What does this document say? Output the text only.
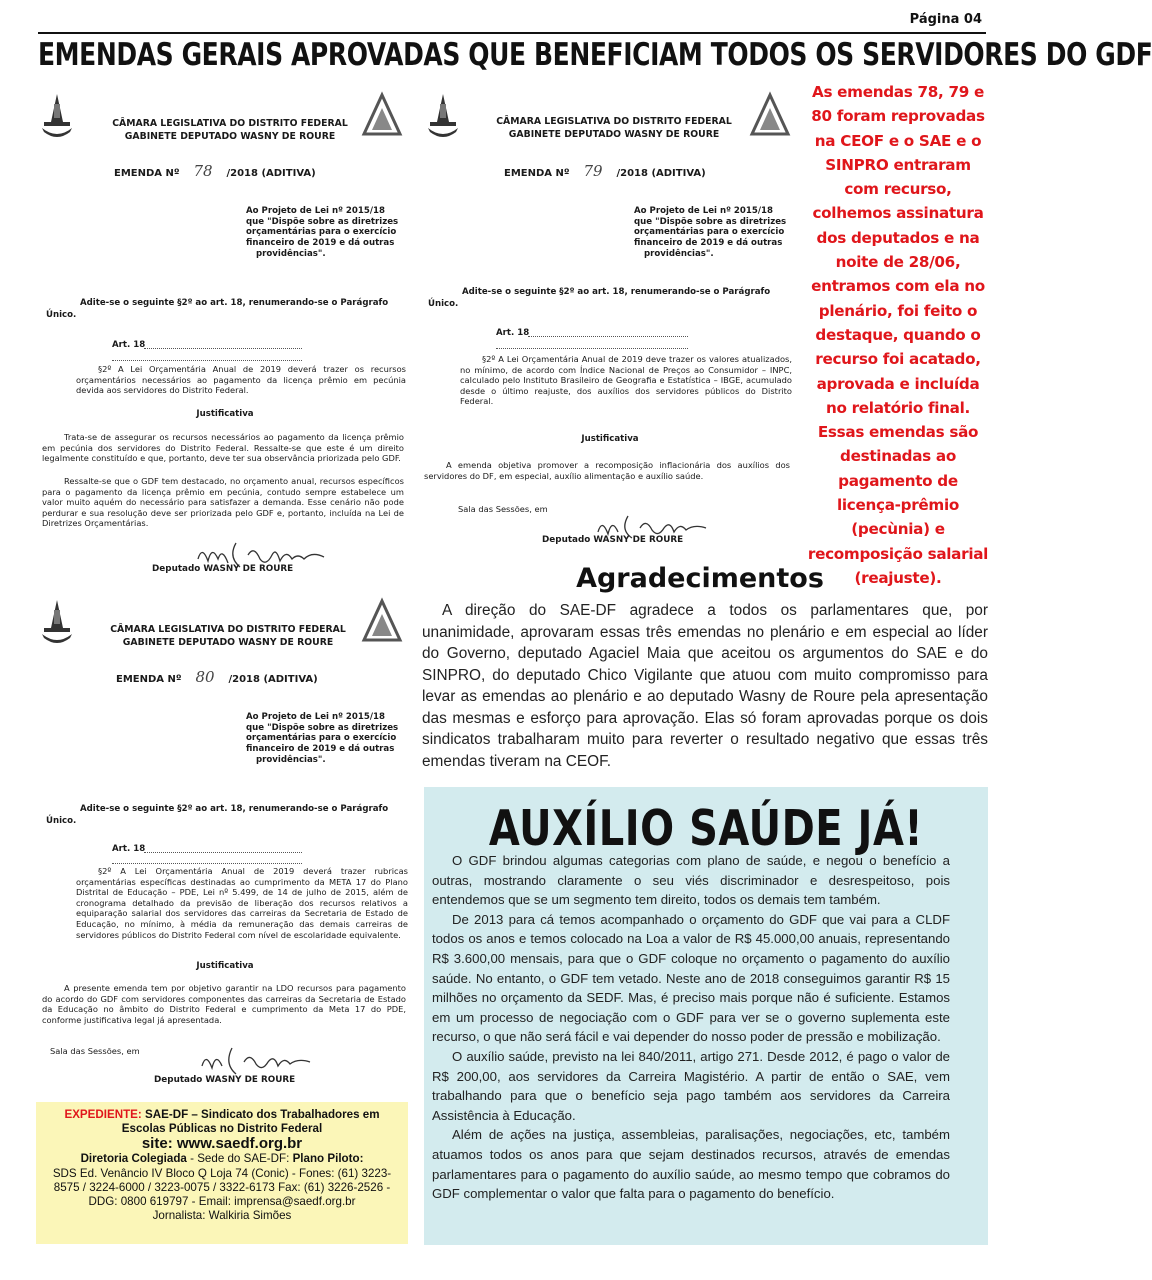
Página 04
EMENDAS GERAIS APROVADAS QUE BENEFICIAM TODOS OS SERVIDORES DO GDF
CÂMARA LEGISLATIVA DO DISTRITO FEDERAL
GABINETE DEPUTADO WASNY DE ROURE
EMENDA Nº 78 /2018 (ADITIVA)
Ao Projeto de Lei nº 2015/18
que "Dispõe sobre as diretrizes
orçamentárias para o exercício
financeiro de 2019 e dá outras
providências".
Adite-se o seguinte §2º ao art. 18, renumerando-se o Parágrafo Único.
Art. 18
§2º A Lei Orçamentária Anual de 2019 deverá trazer os recursos orçamentários necessários ao pagamento da licença prêmio em pecúnia devida aos servidores do Distrito Federal.
Justificativa
Trata-se de assegurar os recursos necessários ao pagamento da licença prêmio em pecúnia dos servidores do Distrito Federal. Ressalte-se que este é um direito legalmente constituído e que, portanto, deve ter sua observância priorizada pelo GDF.
Ressalte-se que o GDF tem destacado, no orçamento anual, recursos específicos para o pagamento da licença prêmio em pecúnia, contudo sempre estabelece um valor muito aquém do necessário para satisfazer a demanda. Esse cenário não pode perdurar e sua resolução deve ser priorizada pelo GDF e, portanto, incluída na Lei de Diretrizes Orçamentárias.
Deputado WASNY DE ROURE
CÂMARA LEGISLATIVA DO DISTRITO FEDERAL
GABINETE DEPUTADO WASNY DE ROURE
EMENDA Nº 79 /2018 (ADITIVA)
Ao Projeto de Lei nº 2015/18
que "Dispõe sobre as diretrizes
orçamentárias para o exercício
financeiro de 2019 e dá outras
providências".
Adite-se o seguinte §2º ao art. 18, renumerando-se o Parágrafo Único.
Art. 18
§2º A Lei Orçamentária Anual de 2019 deve trazer os valores atualizados, no mínimo, de acordo com Índice Nacional de Preços ao Consumidor – INPC, calculado pelo Instituto Brasileiro de Geografia e Estatística – IBGE, acumulado desde o último reajuste, dos auxílios dos servidores públicos do Distrito Federal.
Justificativa
A emenda objetiva promover a recomposição inflacionária dos auxílios dos servidores do DF, em especial, auxílio alimentação e auxílio saúde.
Sala das Sessões, em
Deputado WASNY DE ROURE
CÂMARA LEGISLATIVA DO DISTRITO FEDERAL
GABINETE DEPUTADO WASNY DE ROURE
EMENDA Nº 80 /2018 (ADITIVA)
Ao Projeto de Lei nº 2015/18
que "Dispõe sobre as diretrizes
orçamentárias para o exercício
financeiro de 2019 e dá outras
providências".
Adite-se o seguinte §2º ao art. 18, renumerando-se o Parágrafo Único.
Art. 18
§2º A Lei Orçamentária Anual de 2019 deverá trazer rubricas orçamentárias específicas destinadas ao cumprimento da META 17 do Plano Distrital de Educação – PDE, Lei nº 5.499, de 14 de julho de 2015, além de cronograma detalhado da previsão de liberação dos recursos relativos a equiparação salarial dos servidores das carreiras da Secretaria de Estado de Educação, no mínimo, à média da remuneração das demais carreiras de servidores públicos do Distrito Federal com nível de escolaridade equivalente.
Justificativa
A presente emenda tem por objetivo garantir na LDO recursos para pagamento do acordo do GDF com servidores componentes das carreiras da Secretaria de Estado da Educação no âmbito do Distrito Federal e cumprimento da Meta 17 do PDE, conforme justificativa legal já apresentada.
Sala das Sessões, em
Deputado WASNY DE ROURE
As emendas 78, 79 e 80 foram reprovadas na CEOF e o SAE e o SINPRO entraram com recurso, colhemos assinatura dos deputados e na noite de 28/06, entramos com ela no plenário, foi feito o destaque, quando o recurso foi acatado, aprovada e incluída no relatório final. Essas emendas são destinadas ao pagamento de licença-prêmio (pecùnia) e recomposição salarial (reajuste).
Agradecimentos
A direção do SAE-DF agradece a todos os parlamentares que, por unanimidade, aprovaram essas três emendas no plenário e em especial ao líder do Governo, deputado Agaciel Maia que aceitou os argumentos do SAE e do SINPRO, do deputado Chico Vigilante que atuou com muito compromisso para levar as emendas ao plenário e ao deputado Wasny de Roure pela apresentação das mesmas e esforço para aprovação. Elas só foram aprovadas porque os dois sindicatos trabalharam muito para reverter o resultado negativo que essas três emendas tiveram na CEOF.
AUXÍLIO SAÚDE JÁ!

O GDF brindou algumas categorias com plano de saúde, e negou o benefício a outras, mostrando claramente o seu viés discriminador e desrespeitoso, pois entendemos que se um segmento tem direito, todos os demais tem também.

De 2013 para cá temos acompanhado o orçamento do GDF que vai para a CLDF todos os anos e temos colocado na Loa a valor de R$ 45.000,00 anuais, representando R$ 3.600,00 mensais, para que o GDF coloque no orçamento o pagamento do auxílio saúde. No entanto, o GDF tem vetado. Neste ano de 2018 conseguimos garantir R$ 15 milhões no orçamento da SEDF. Mas, é preciso mais porque não é suficiente. Estamos em um processo de negociação com o GDF para ver se o governo suplementa este recurso, o que não será fácil e vai depender do nosso poder de pressão e mobilização.

O auxílio saúde, previsto na lei 840/2011, artigo 271. Desde 2012, é pago o valor de R$ 200,00, aos servidores da Carreira Magistério. A partir de então o SAE, vem trabalhando para que o benefício seja pago também aos servidores da Carreira Assistência à Educação.

Além de ações na justiça, assembleias, paralisações, negociações, etc, também atuamos todos os anos para que sejam destinados recursos, através de emendas parlamentares para o pagamento do auxílio saúde, ao mesmo tempo que cobramos do GDF complementar o valor que falta para o pagamento do benefício.

EXPEDIENTE: SAE-DF – Sindicato dos Trabalhadores em Escolas Públicas no Distrito Federal
site: www.saedf.org.br
Diretoria Colegiada - Sede do SAE-DF: Plano Piloto:
SDS Ed. Venâncio IV Bloco Q Loja 74 (Conic) - Fones: (61) 3223-8575 / 3224-6000 / 3223-0075 / 3322-6173 Fax: (61) 3226-2526 - DDG: 0800 619797 - Email: imprensa@saedf.org.br
Jornalista: Walkiria Simões
